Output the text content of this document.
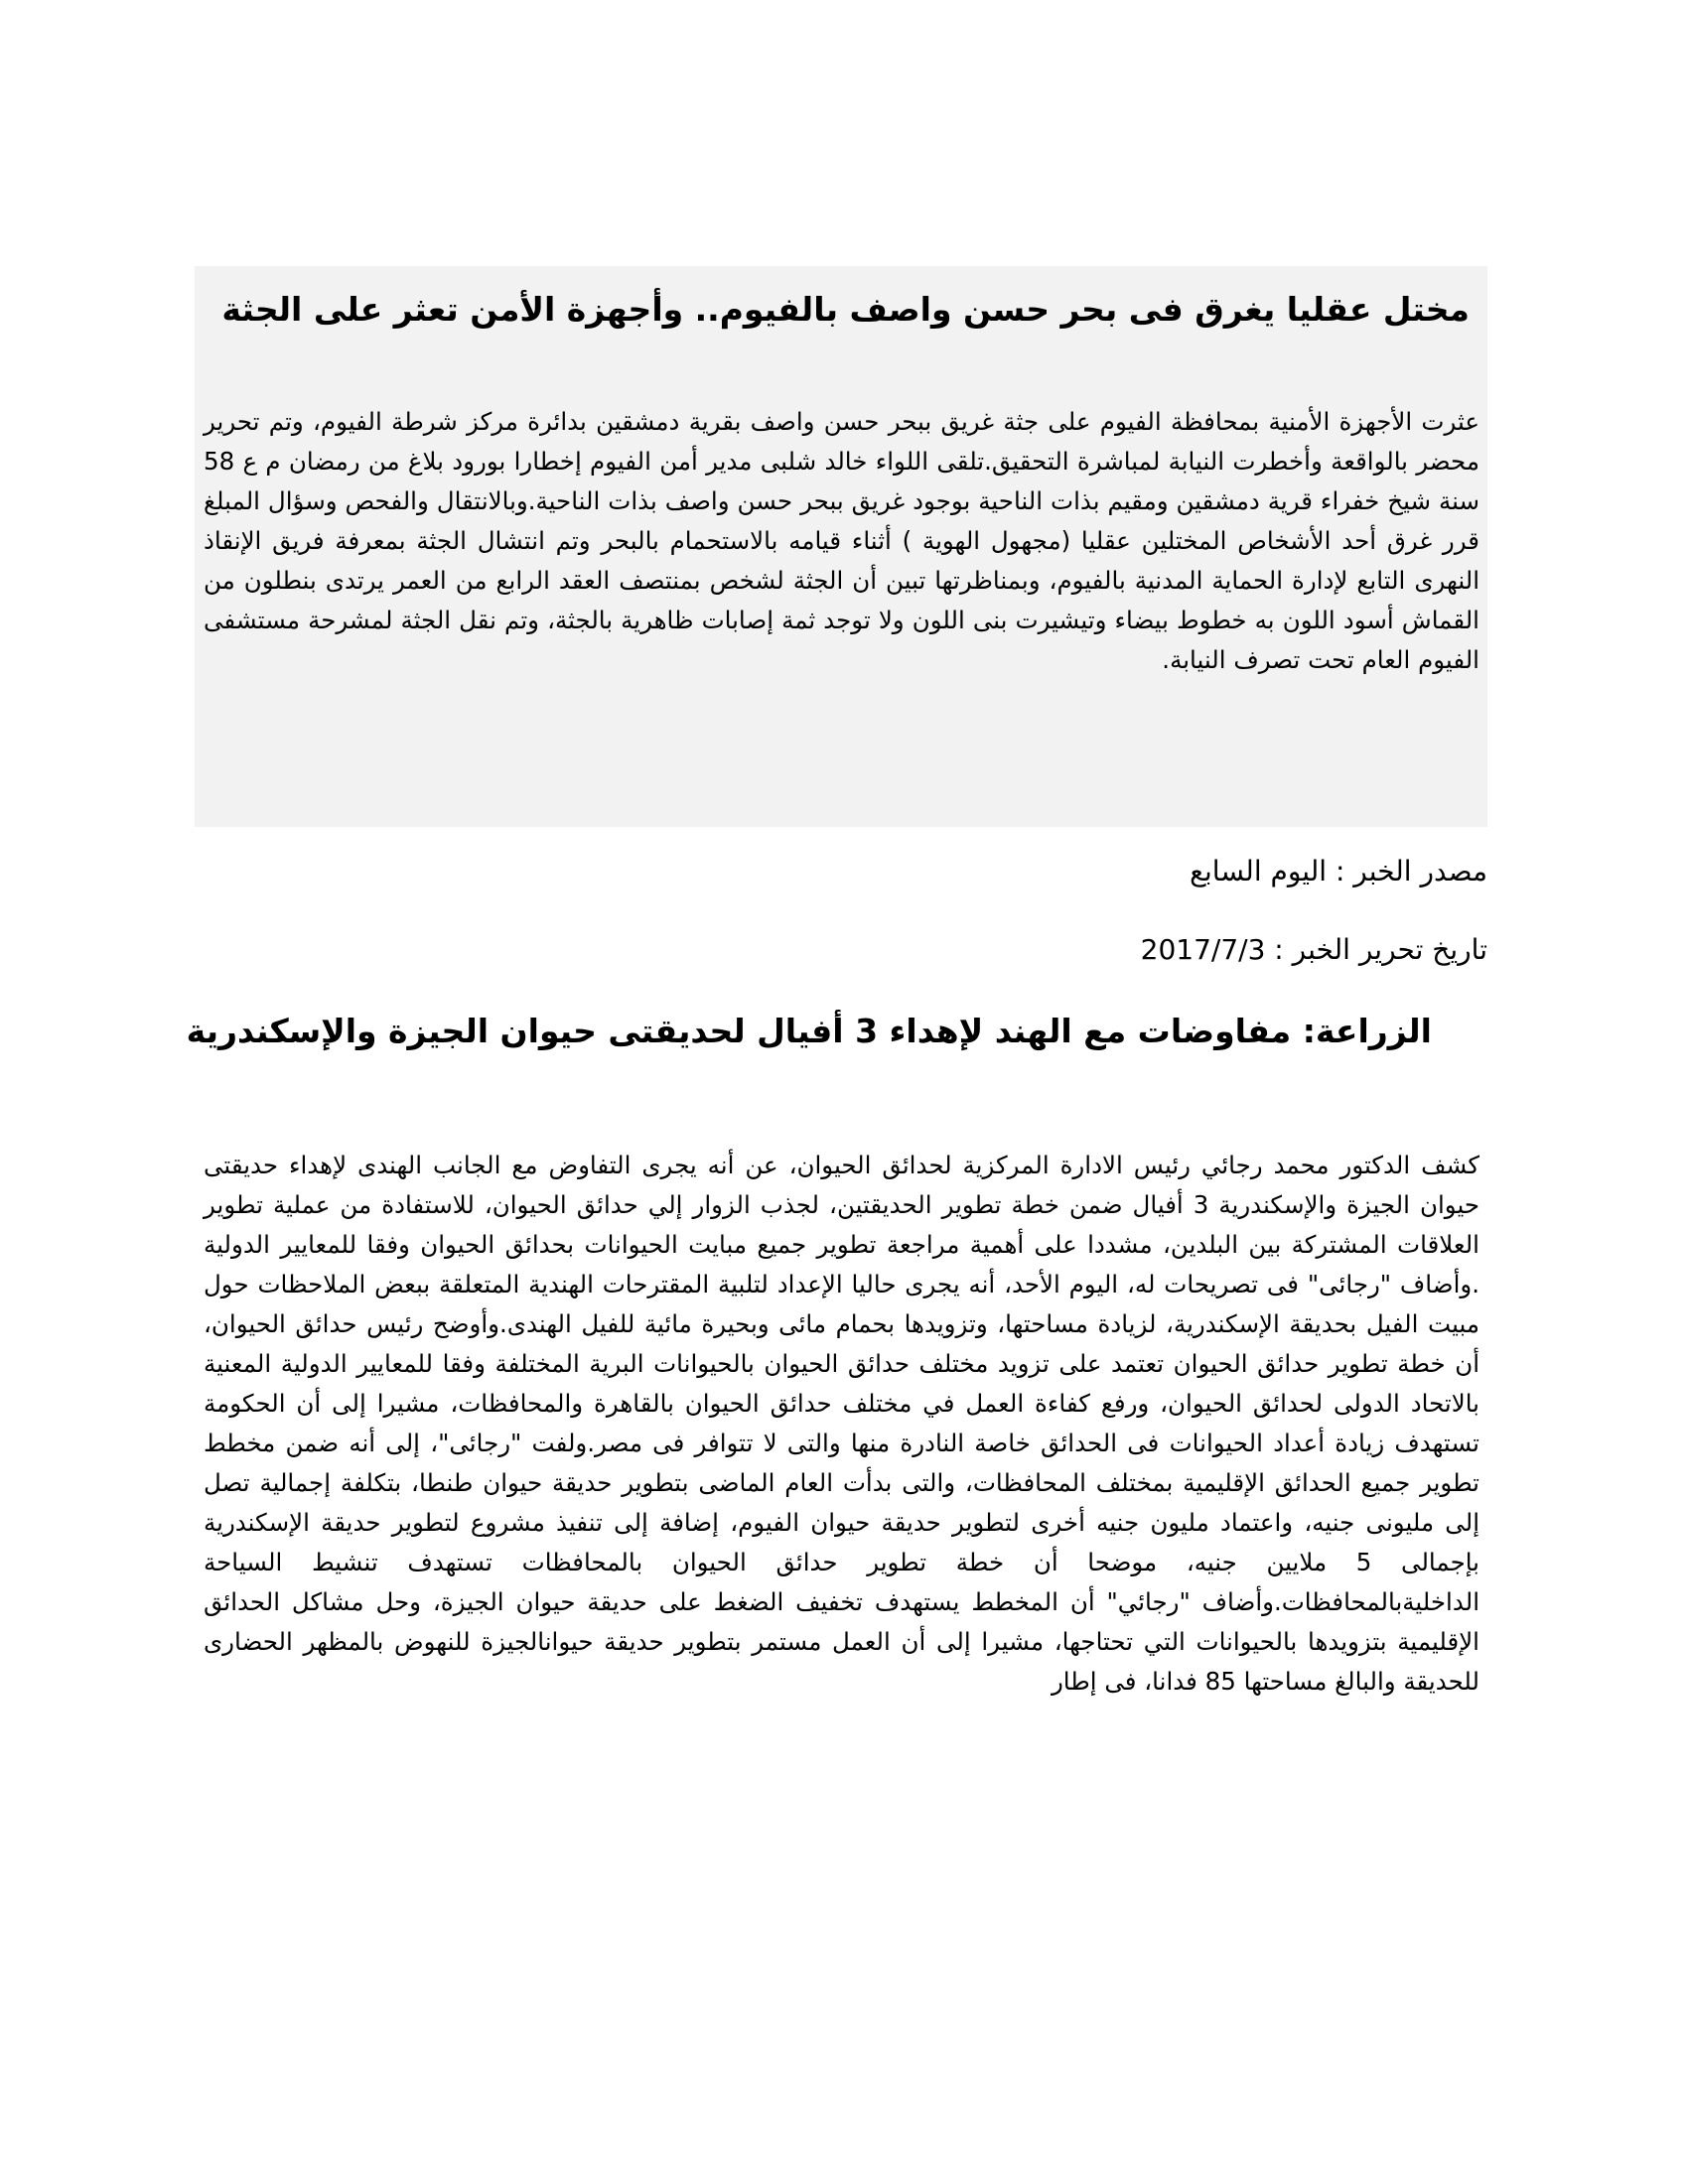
مختل عقليا يغرق فى بحر حسن واصف بالفيوم.. وأجهزة الأمن تعثر على الجثة
عثرت الأجهزة الأمنية بمحافظة الفيوم على جثة غريق ببحر حسن واصف بقرية دمشقين بدائرة مركز شرطة الفيوم، وتم تحرير محضر بالواقعة وأخطرت النيابة لمباشرة التحقيق.تلقى اللواء خالد شلبى مدير أمن الفيوم إخطارا بورود بلاغ من رمضان م ع 58 سنة شيخ خفراء قرية دمشقين ومقيم بذات الناحية بوجود غريق ببحر حسن واصف بذات الناحية.وبالانتقال والفحص وسؤال المبلغ قرر غرق أحد الأشخاص المختلين عقليا (مجهول الهوية ) أثناء قيامه بالاستحمام بالبحر وتم انتشال الجثة بمعرفة فريق الإنقاذ النهرى التابع لإدارة الحماية المدنية بالفيوم، وبمناظرتها تبين أن الجثة لشخص بمنتصف العقد الرابع من العمر يرتدى بنطلون من القماش أسود اللون به خطوط بيضاء وتيشيرت بنى اللون ولا توجد ثمة إصابات ظاهرية بالجثة، وتم نقل الجثة لمشرحة مستشفى الفيوم العام تحت تصرف النيابة.
مصدر الخبر : اليوم السابع
تاريخ تحرير الخبر : 2017/7/3
الزراعة: مفاوضات مع الهند لإهداء 3 أفيال لحديقتى حيوان الجيزة والإسكندرية
كشف الدكتور محمد رجائي رئيس الادارة المركزية لحدائق الحيوان، عن أنه يجرى التفاوض مع الجانب الهندى لإهداء حديقتى حيوان الجيزة والإسكندرية 3 أفيال ضمن خطة تطوير الحديقتين، لجذب الزوار إلي حدائق الحيوان، للاستفادة من عملية تطوير العلاقات المشتركة بين البلدين، مشددا على أهمية مراجعة تطوير جميع مبايت الحيوانات بحدائق الحيوان وفقا للمعايير الدولية .وأضاف "رجائى" فى تصريحات له، اليوم الأحد، أنه يجرى حاليا الإعداد لتلبية المقترحات الهندية المتعلقة ببعض الملاحظات حول مبيت الفيل بحديقة الإسكندرية، لزيادة مساحتها، وتزويدها بحمام مائى وبحيرة مائية للفيل الهندى.وأوضح رئيس حدائق الحيوان، أن خطة تطوير حدائق الحيوان تعتمد على تزويد مختلف حدائق الحيوان بالحيوانات البرية المختلفة وفقا للمعايير الدولية المعنية بالاتحاد الدولى لحدائق الحيوان، ورفع كفاءة العمل في مختلف حدائق الحيوان بالقاهرة والمحافظات، مشيرا إلى أن الحكومة تستهدف زيادة أعداد الحيوانات فى الحدائق خاصة النادرة منها والتى لا تتوافر فى مصر.ولفت "رجائى"، إلى أنه ضمن مخطط تطوير جميع الحدائق الإقليمية بمختلف المحافظات، والتى بدأت العام الماضى بتطوير حديقة حيوان طنطا، بتكلفة إجمالية تصل إلى مليونى جنيه، واعتماد مليون جنيه أخرى لتطوير حديقة حيوان الفيوم، إضافة إلى تنفيذ مشروع لتطوير حديقة الإسكندرية بإجمالى 5 ملايين جنيه، موضحا أن خطة تطوير حدائق الحيوان بالمحافظات تستهدف تنشيط السياحة الداخليةبالمحافظات.وأضاف "رجائي" أن المخطط يستهدف تخفيف الضغط على حديقة حيوان الجيزة، وحل مشاكل الحدائق الإقليمية بتزويدها بالحيوانات التي تحتاجها، مشيرا إلى أن العمل مستمر بتطوير حديقة حيوانالجيزة للنهوض بالمظهر الحضارى للحديقة والبالغ مساحتها 85 فدانا، فى إطار
